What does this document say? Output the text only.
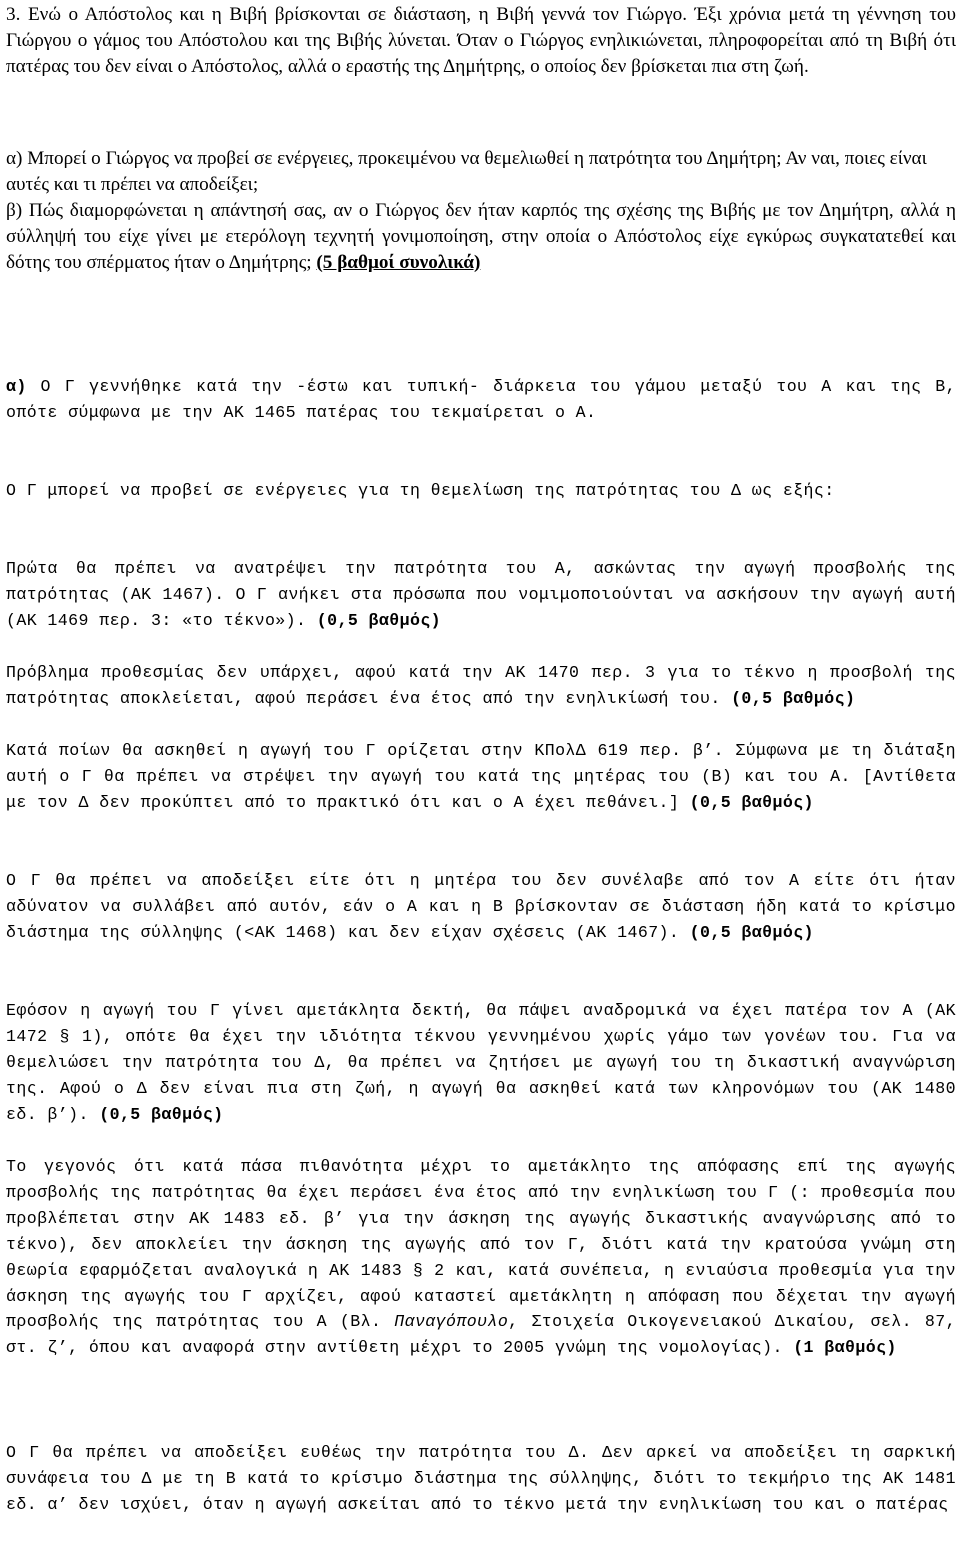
3. Ενώ ο Απόστολος και η Βιβή βρίσκονται σε διάσταση, η Βιβή γεννά τον Γιώργο. Έξι χρόνια μετά τη γέννηση του Γιώργου ο γάμος του Απόστολου και της Βιβής λύνεται. Όταν ο Γιώργος ενηλικιώνεται, πληροφορείται από τη Βιβή ότι πατέρας του δεν είναι ο Απόστολος, αλλά ο εραστής της Δημήτρης, ο οποίος δεν βρίσκεται πια στη ζωή.

α) Μπορεί ο Γιώργος να προβεί σε ενέργειες, προκειμένου να θεμελιωθεί η πατρότητα του Δημήτρη; Αν ναι, ποιες είναι αυτές και τι πρέπει να αποδείξει;

β) Πώς διαμορφώνεται η απάντησή σας, αν ο Γιώργος δεν ήταν καρπός της σχέσης της Βιβής με τον Δημήτρη, αλλά η σύλληψή του είχε γίνει με ετερόλογη τεχνητή γονιμοποίηση, στην οποία ο Απόστολος είχε εγκύρως συγκατατεθεί και δότης του σπέρματος ήταν ο Δημήτρης; (5 βαθμοί συνολικά)

α) Ο Γ γεννήθηκε κατά την -έστω και τυπική- διάρκεια του γάμου μεταξύ του Α και της Β, οπότε σύμφωνα με την ΑΚ 1465 πατέρας του τεκμαίρεται ο Α.

Ο Γ μπορεί να προβεί σε ενέργειες για τη θεμελίωση της πατρότητας του Δ ως εξής:

Πρώτα θα πρέπει να ανατρέψει την πατρότητα του Α, ασκώντας την αγωγή προσβολής της πατρότητας (ΑΚ 1467). Ο Γ ανήκει στα πρόσωπα που νομιμοποιούνται να ασκήσουν την αγωγή αυτή (ΑΚ 1469 περ. 3: «το τέκνο»). (0,5 βαθμός)

Πρόβλημα προθεσμίας δεν υπάρχει, αφού κατά την ΑΚ 1470 περ. 3 για το τέκνο η προσβολή της πατρότητας αποκλείεται, αφού περάσει ένα έτος από την ενηλικίωσή του. (0,5 βαθμός)

Κατά ποίων θα ασκηθεί η αγωγή του Γ ορίζεται στην ΚΠολΔ 619 περ. β’. Σύμφωνα με τη διάταξη αυτή ο Γ θα πρέπει να στρέψει την αγωγή του κατά της μητέρας του (Β) και του Α. [Αντίθετα με τον Δ δεν προκύπτει από το πρακτικό ότι και ο Α έχει πεθάνει.] (0,5 βαθμός)

Ο Γ θα πρέπει να αποδείξει είτε ότι η μητέρα του δεν συνέλαβε από τον Α είτε ότι ήταν αδύνατον να συλλάβει από αυτόν, εάν ο Α και η Β βρίσκονταν σε διάσταση ήδη κατά το κρίσιμο διάστημα της σύλληψης (<ΑΚ 1468) και δεν είχαν σχέσεις (ΑΚ 1467). (0,5 βαθμός)

Εφόσον η αγωγή του Γ γίνει αμετάκλητα δεκτή, θα πάψει αναδρομικά να έχει πατέρα τον Α (ΑΚ 1472 § 1), οπότε θα έχει την ιδιότητα τέκνου γεννημένου χωρίς γάμο των γονέων του. Για να θεμελιώσει την πατρότητα του Δ, θα πρέπει να ζητήσει με αγωγή του τη δικαστική αναγνώριση της. Αφού ο Δ δεν είναι πια στη ζωή, η αγωγή θα ασκηθεί κατά των κληρονόμων του (ΑΚ 1480 εδ. β’). (0,5 βαθμός)

Το γεγονός ότι κατά πάσα πιθανότητα μέχρι το αμετάκλητο της απόφασης επί της αγωγής προσβολής της πατρότητας θα έχει περάσει ένα έτος από την ενηλικίωση του Γ (: προθεσμία που προβλέπεται στην ΑΚ 1483 εδ. β’ για την άσκηση της αγωγής δικαστικής αναγνώρισης από το τέκνο), δεν αποκλείει την άσκηση της αγωγής από τον Γ, διότι κατά την κρατούσα γνώμη στη θεωρία εφαρμόζεται αναλογικά η ΑΚ 1483 § 2 και, κατά συνέπεια, η ενιαύσια προθεσμία για την άσκηση της αγωγής του Γ αρχίζει, αφού καταστεί αμετάκλητη η απόφαση που δέχεται την αγωγή προσβολής της πατρότητας του Α (Βλ. Παναγόπουλο, Στοιχεία Οικογενειακού Δικαίου, σελ. 87, στ. ζ’, όπου και αναφορά στην αντίθετη μέχρι το 2005 γνώμη της νομολογίας). (1 βαθμός)

Ο Γ θα πρέπει να αποδείξει ευθέως την πατρότητα του Δ. Δεν αρκεί να αποδείξει τη σαρκική συνάφεια του Δ με τη Β κατά το κρίσιμο διάστημα της σύλληψης, διότι το τεκμήριο της ΑΚ 1481 εδ. α’ δεν ισχύει, όταν η αγωγή ασκείται από το τέκνο μετά την ενηλικίωση του και ο πατέρας
